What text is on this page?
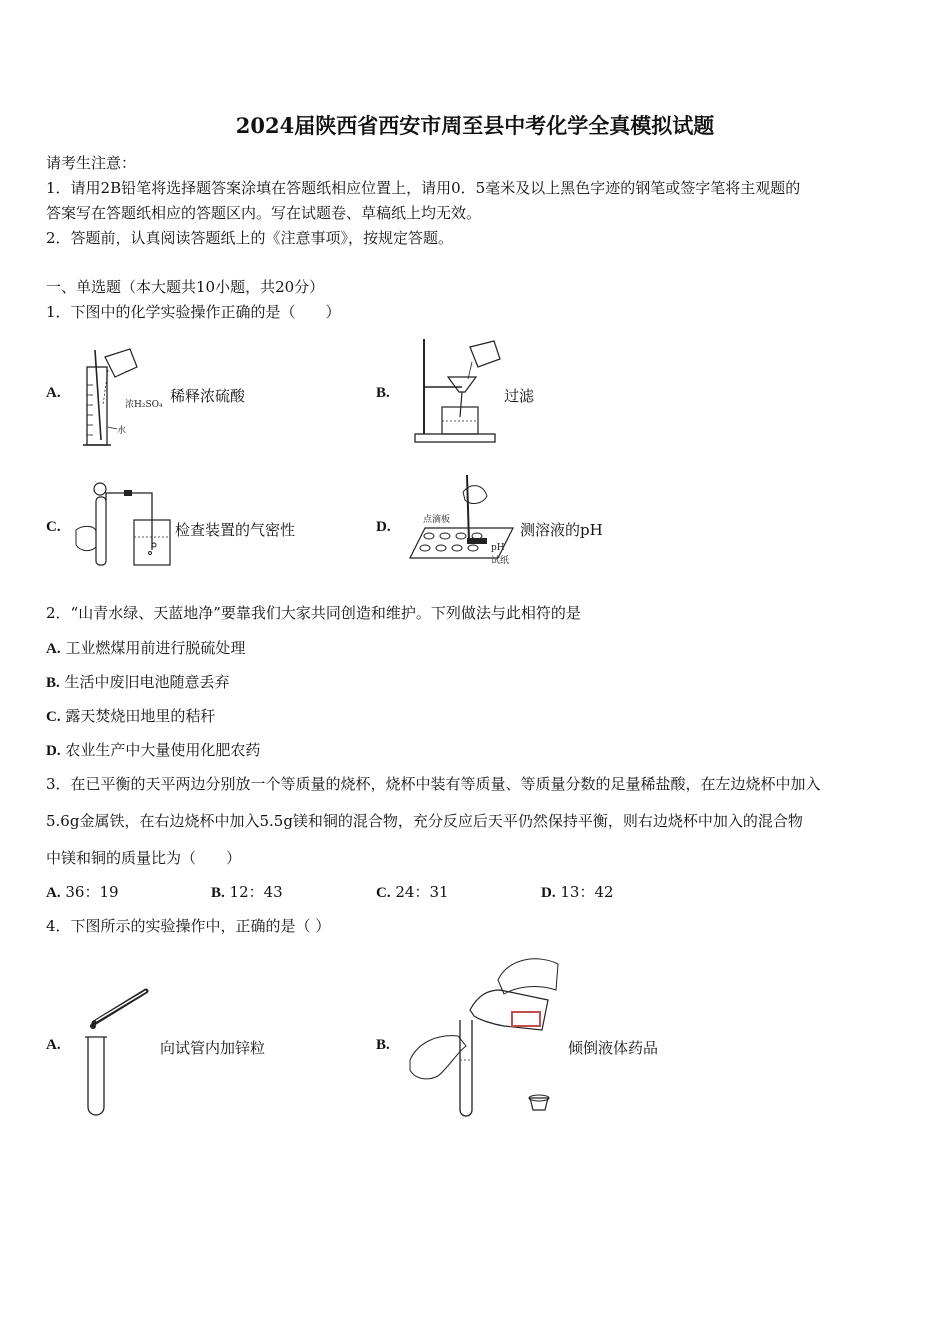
2024届陕西省西安市周至县中考化学全真模拟试题
请考生注意：
1．请用2B铅笔将选择题答案涂填在答题纸相应位置上，请用0．5毫米及以上黑色字迹的钢笔或签字笔将主观题的
答案写在答题纸相应的答题区内。写在试题卷、草稿纸上均无效。
2．答题前，认真阅读答题纸上的《注意事项》，按规定答题。
一、单选题（本大题共10小题，共20分）
1．下图中的化学实验操作正确的是（　　）
A.
浓H₂SO₄
水
稀释浓硫酸	B.	过滤
C.	检查装置的气密性	D.	点滴板
pH
试纸
测溶液的pH
2．“山青水绿、天蓝地净”要靠我们大家共同创造和维护。下列做法与此相符的是
A. 工业燃煤用前进行脱硫处理
B. 生活中废旧电池随意丢弃
C. 露天焚烧田地里的秸秆
D. 农业生产中大量使用化肥农药
3．在已平衡的天平两边分别放一个等质量的烧杯，烧杯中装有等质量、等质量分数的足量稀盐酸，在左边烧杯中加入
5.6g金属铁，在右边烧杯中加入5.5g镁和铜的混合物，充分反应后天平仍然保持平衡，则右边烧杯中加入的混合物
中镁和铜的质量比为（　　）
A. 36：19	B. 12：43	C. 24：31	D. 13：42
4．下图所示的实验操作中，正确的是（ ）
A.	向试管内加锌粒	B.	倾倒液体药品
